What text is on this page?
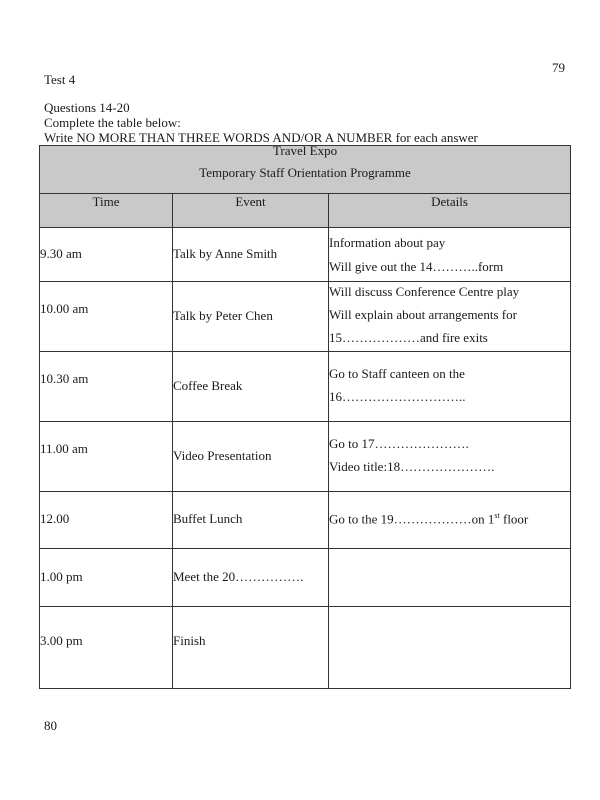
79
Test 4
Questions 14-20
Complete the table below:
Write NO MORE THAN THREE WORDS AND/OR A NUMBER for each answer
Travel Expo
Temporary Staff Orientation Programme		

Time	Event	Details

9.30 am	Talk by Anne Smith	Information about pay
Will give out the 14………..form

10.00 am	Talk by Peter Chen	Will discuss Conference Centre play
Will explain about arrangements for
15………………and fire exits

10.30 am	Coffee Break	Go to Staff canteen on the
16………………………..

11.00 am	Video Presentation	Go to 17………………….
Video title:18………………….

12.00	Buffet Lunch	Go to the 19………………on 1st floor

1.00 pm	Meet the 20…………….	

3.00 pm	Finish	

80
